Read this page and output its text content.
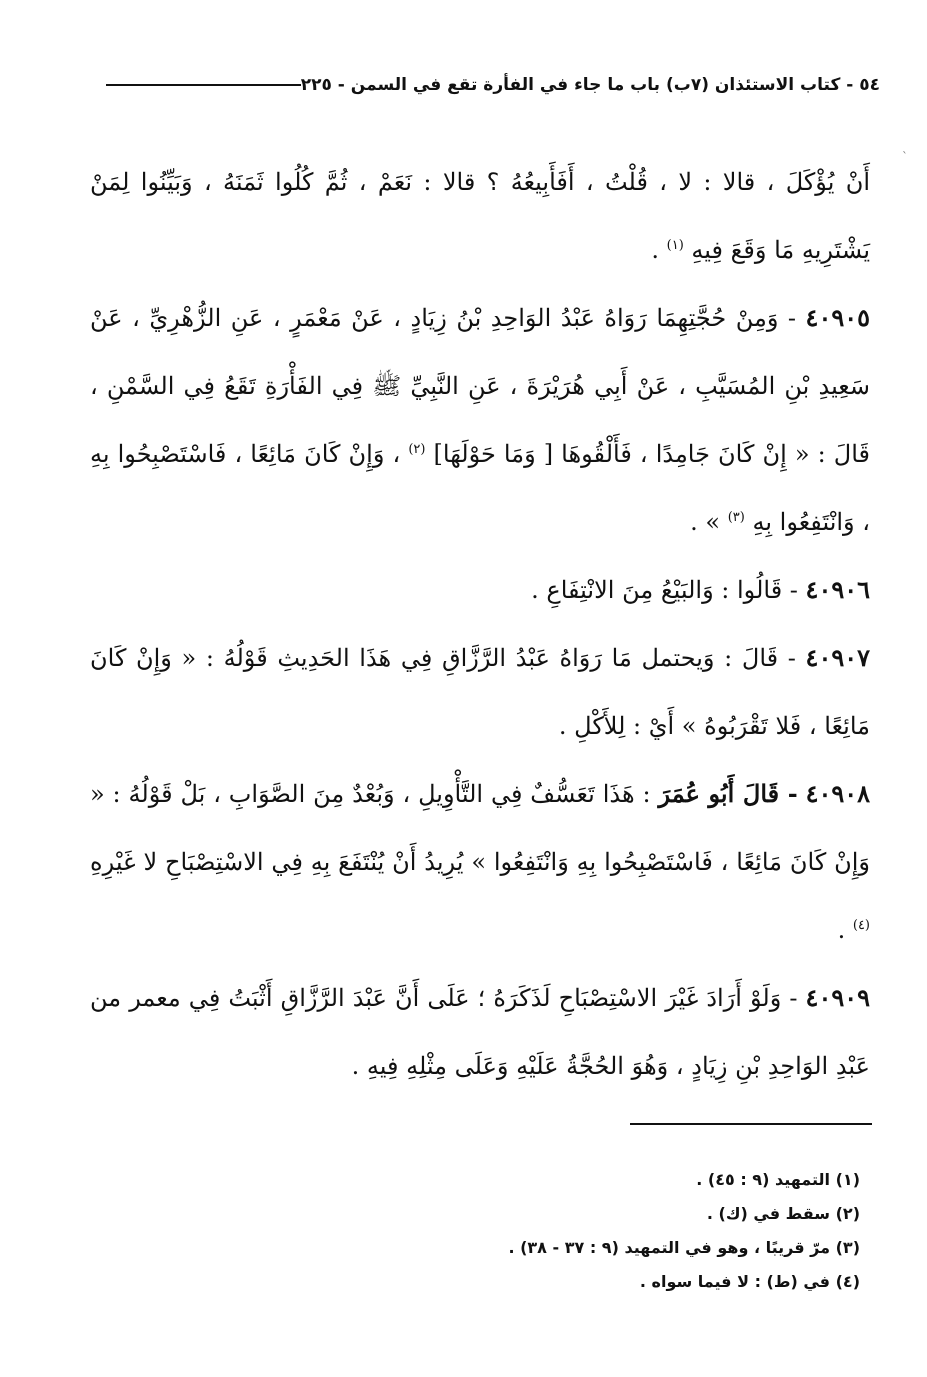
٥٤ - كتاب الاستئذان (٧ب) باب ما جاء في الفأرة تقع في السمن - ٢٢٥
`

أَنْ يُؤْكَلَ ، قالا : لا ، قُلْتُ ، أَفَأَبِيعُهُ ؟ قالا : نَعَمْ ، ثُمَّ كُلُوا ثَمَنَهُ ، وَبَيِّنُوا لِمَنْ يَشْتَرِيهِ مَا وَقَعَ فِيهِ $^{(١)}$ .

٤٠٩٠٥ - وَمِنْ حُجَّتِهِمَا رَوَاهُ عَبْدُ الوَاحِدِ بْنُ زِيَادٍ ، عَنْ مَعْمَرٍ ، عَنِ الزُّهْرِيِّ ، عَنْ سَعِيدِ بْنِ المُسَيَّبِ ، عَنْ أَبِي هُرَيْرَةَ ، عَنِ النَّبِيِّ ﷺ فِي الفَأْرَةِ تَقَعُ فِي السَّمْنِ ، قَالَ : « إِنْ كَانَ جَامِدًا ، فَأَلْقُوهَا [ وَمَا حَوْلَهَا] $^{(٢)}$ ، وَإِنْ كَانَ مَائِعًا ، فَاسْتَصْبِحُوا بِهِ ، وَانْتَفِعُوا بِهِ $^{(٣)}$ » .

٤٠٩٠٦ - قَالُوا : وَالبَيْعُ مِنَ الانْتِفَاعِ .

٤٠٩٠٧ - قَالَ : وَيحتمل مَا رَوَاهُ عَبْدُ الرَّزَّاقِ فِي هَذَا الحَدِيثِ قَوْلُهُ : « وَإِنْ كَانَ مَائِعًا ، فَلا تَقْرَبُوهُ » أَيْ : لِلأَكْلِ .

٤٠٩٠٨ - قَالَ أَبُو عُمَرَ : هَذَا تَعَسُّفٌ فِي التَّأْوِيلِ ، وَبُعْدٌ مِنَ الصَّوَابِ ، بَلْ قَوْلُهُ : « وَإِنْ كَانَ مَائِعًا ، فَاسْتَصْبِحُوا بِهِ وَانْتَفِعُوا » يُرِيدُ أَنْ يُنْتَفَعَ بِهِ فِي الاسْتِصْبَاحِ لا غَيْرِهِ $^{(٤)}$ .

٤٠٩٠٩ - وَلَوْ أَرَادَ غَيْرَ الاسْتِصْبَاحِ لَذَكَرَهُ ؛ عَلَى أَنَّ عَبْدَ الرَّزَّاقِ أَثْبَتُ فِي معمر من عَبْدِ الوَاحِدِ بْنِ زِيَادٍ ، وَهُوَ الحُجَّةُ عَلَيْهِ وَعَلَى مِثْلِهِ فِيهِ .

(١) التمهيد (٩ : ٤٥) .
(٢) سقط في (ك) .
(٣) مرّ قريبًا ، وهو في التمهيد (٩ : ٣٧ - ٣٨) .
(٤) في (ط) : لا فيما سواه .
